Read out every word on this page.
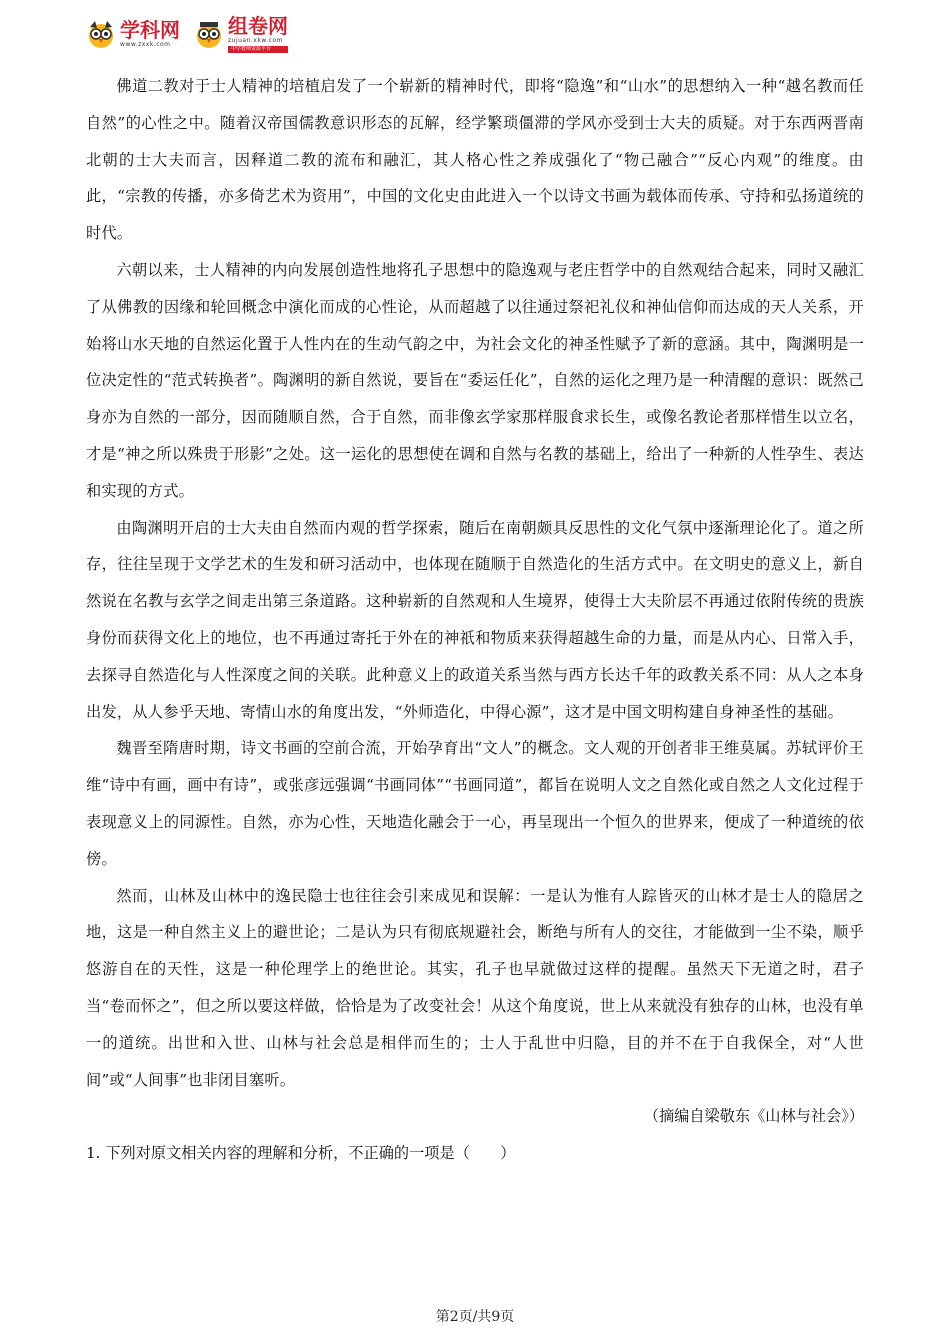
学科网
www.zxxk.com
组卷网
zujuan.xkw.com
中学教师资源平台

佛道二教对于士人精神的培植启发了一个崭新的精神时代，即将“隐逸”和“山水”的思想纳入一种“越名教而任自然”的心性之中。随着汉帝国儒教意识形态的瓦解，经学繁琐僵滞的学风亦受到士大夫的质疑。对于东西两晋南北朝的士大夫而言，因释道二教的流布和融汇，其人格心性之养成强化了“物己融合”“反心内观”的维度。由此，“宗教的传播，亦多倚艺术为资用”，中国的文化史由此进入一个以诗文书画为载体而传承、守持和弘扬道统的时代。

六朝以来，士人精神的内向发展创造性地将孔子思想中的隐逸观与老庄哲学中的自然观结合起来，同时又融汇了从佛教的因缘和轮回概念中演化而成的心性论，从而超越了以往通过祭祀礼仪和神仙信仰而达成的天人关系，开始将山水天地的自然运化置于人性内在的生动气韵之中，为社会文化的神圣性赋予了新的意涵。其中，陶渊明是一位决定性的“范式转换者”。陶渊明的新自然说，要旨在“委运任化”，自然的运化之理乃是一种清醒的意识：既然己身亦为自然的一部分，因而随顺自然，合于自然，而非像玄学家那样服食求长生，或像名教论者那样惜生以立名，才是“神之所以殊贵于形影”之处。这一运化的思想使在调和自然与名教的基础上，给出了一种新的人性孕生、表达和实现的方式。

由陶渊明开启的士大夫由自然而内观的哲学探索，随后在南朝颇具反思性的文化气氛中逐渐理论化了。道之所存，往往呈现于文学艺术的生发和研习活动中，也体现在随顺于自然造化的生活方式中。在文明史的意义上，新自然说在名教与玄学之间走出第三条道路。这种崭新的自然观和人生境界，使得士大夫阶层不再通过依附传统的贵族身份而获得文化上的地位，也不再通过寄托于外在的神祇和物质来获得超越生命的力量，而是从内心、日常入手，去探寻自然造化与人性深度之间的关联。此种意义上的政道关系当然与西方长达千年的政教关系不同：从人之本身出发，从人参乎天地、寄情山水的角度出发，“外师造化，中得心源”，这才是中国文明构建自身神圣性的基础。

魏晋至隋唐时期，诗文书画的空前合流，开始孕育出“文人”的概念。文人观的开创者非王维莫属。苏轼评价王维“诗中有画，画中有诗”，或张彦远强调“书画同体”“书画同道”，都旨在说明人文之自然化或自然之人文化过程于表现意义上的同源性。自然，亦为心性，天地造化融会于一心，再呈现出一个恒久的世界来，便成了一种道统的依傍。

然而，山林及山林中的逸民隐士也往往会引来成见和误解：一是认为惟有人踪皆灭的山林才是士人的隐居之地，这是一种自然主义上的避世论；二是认为只有彻底规避社会，断绝与所有人的交往，才能做到一尘不染，顺乎悠游自在的天性，这是一种伦理学上的绝世论。其实，孔子也早就做过这样的提醒。虽然天下无道之时，君子当“卷而怀之”，但之所以要这样做，恰恰是为了改变社会！从这个角度说，世上从来就没有独存的山林，也没有单一的道统。出世和入世、山林与社会总是相伴而生的；士人于乱世中归隐，目的并不在于自我保全，对“人世间”或“人间事”也非闭目塞听。

（摘编自梁敬东《山林与社会》）

1. 下列对原文相关内容的理解和分析，不正确的一项是（　　）

第2页/共9页
